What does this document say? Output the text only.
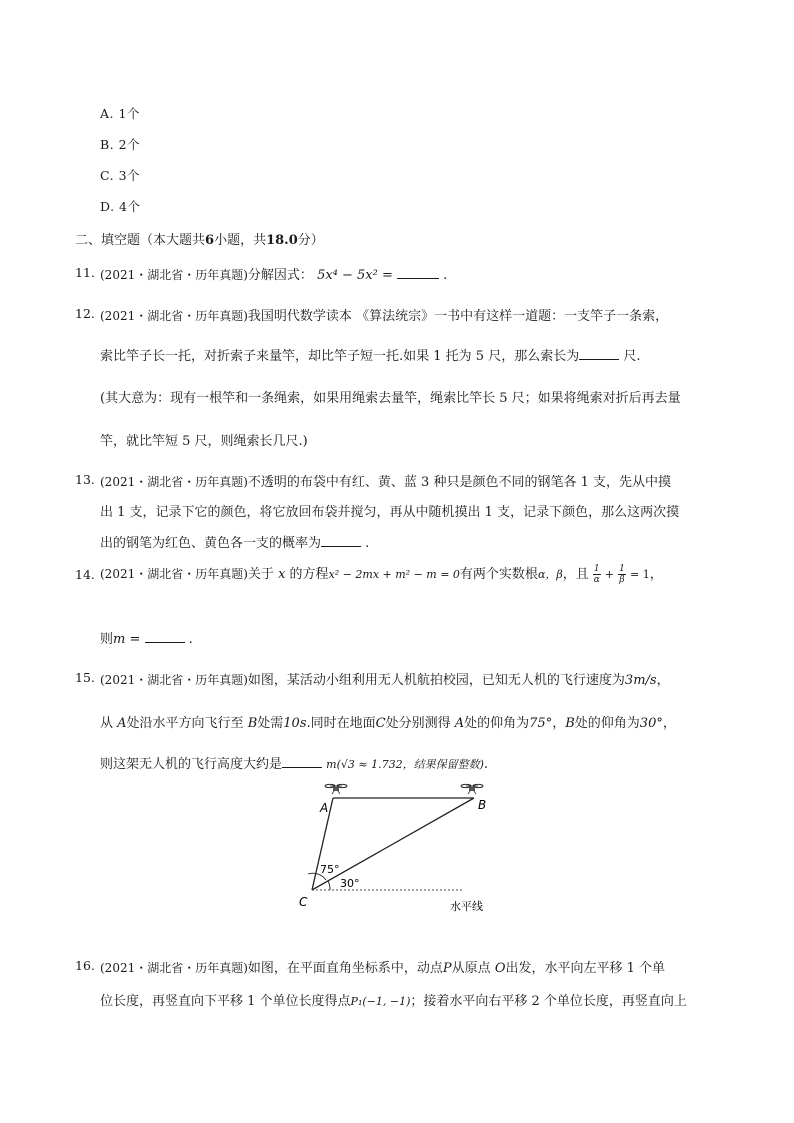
A. 1个
B. 2个
C. 3个
D. 4个
二、填空题（本大题共6小题，共18.0分）
11. (2021・湖北省・历年真题)分解因式： 5x⁴ − 5x² =	.
12. (2021・湖北省・历年真题)我国明代数学读本 《算法统宗》一书中有这样一道题：一支竿子一条索，
索比竿子长一托，对折索子来量竿，却比竿子短一托.如果 1 托为 5 尺，那么索长为	尺.
(其大意为：现有一根竿和一条绳索，如果用绳索去量竿，绳索比竿长 5 尺；如果将绳索对折后再去量
竿，就比竿短 5 尺，则绳索长几尺.)
13. (2021・湖北省・历年真题)不透明的布袋中有红、黄、蓝 3 种只是颜色不同的钢笔各 1 支，先从中摸
出 1 支，记录下它的颜色，将它放回布袋并搅匀，再从中随机摸出 1 支，记录下颜色，那么这两次摸
出的钢笔为红色、黄色各一支的概率为	.
14. (2021・湖北省・历年真题)关于 x 的方程x² − 2mx + m² − m = 0有两个实数根α，β，且 $\frac{1}{\alpha} + \frac{1}{\beta} = 1$，
则m =	.
15. (2021・湖北省・历年真题)如图，某活动小组利用无人机航拍校园，已知无人机的飞行速度为3m/s，
从 A处沿水平方向飞行至 B处需10s.同时在地面C处分别测得 A处的仰角为75°，B处的仰角为30°，
则这架无人机的飞行高度大约是	m(√3 ≈ 1.732，结果保留整数).
A	B
C
75°
30°
水平线
16. (2021・湖北省・历年真题)如图，在平面直角坐标系中，动点P从原点 O出发，水平向左平移 1 个单
位长度，再竖直向下平移 1 个单位长度得点P₁(−1, −1)；接着水平向右平移 2 个单位长度，再竖直向上
